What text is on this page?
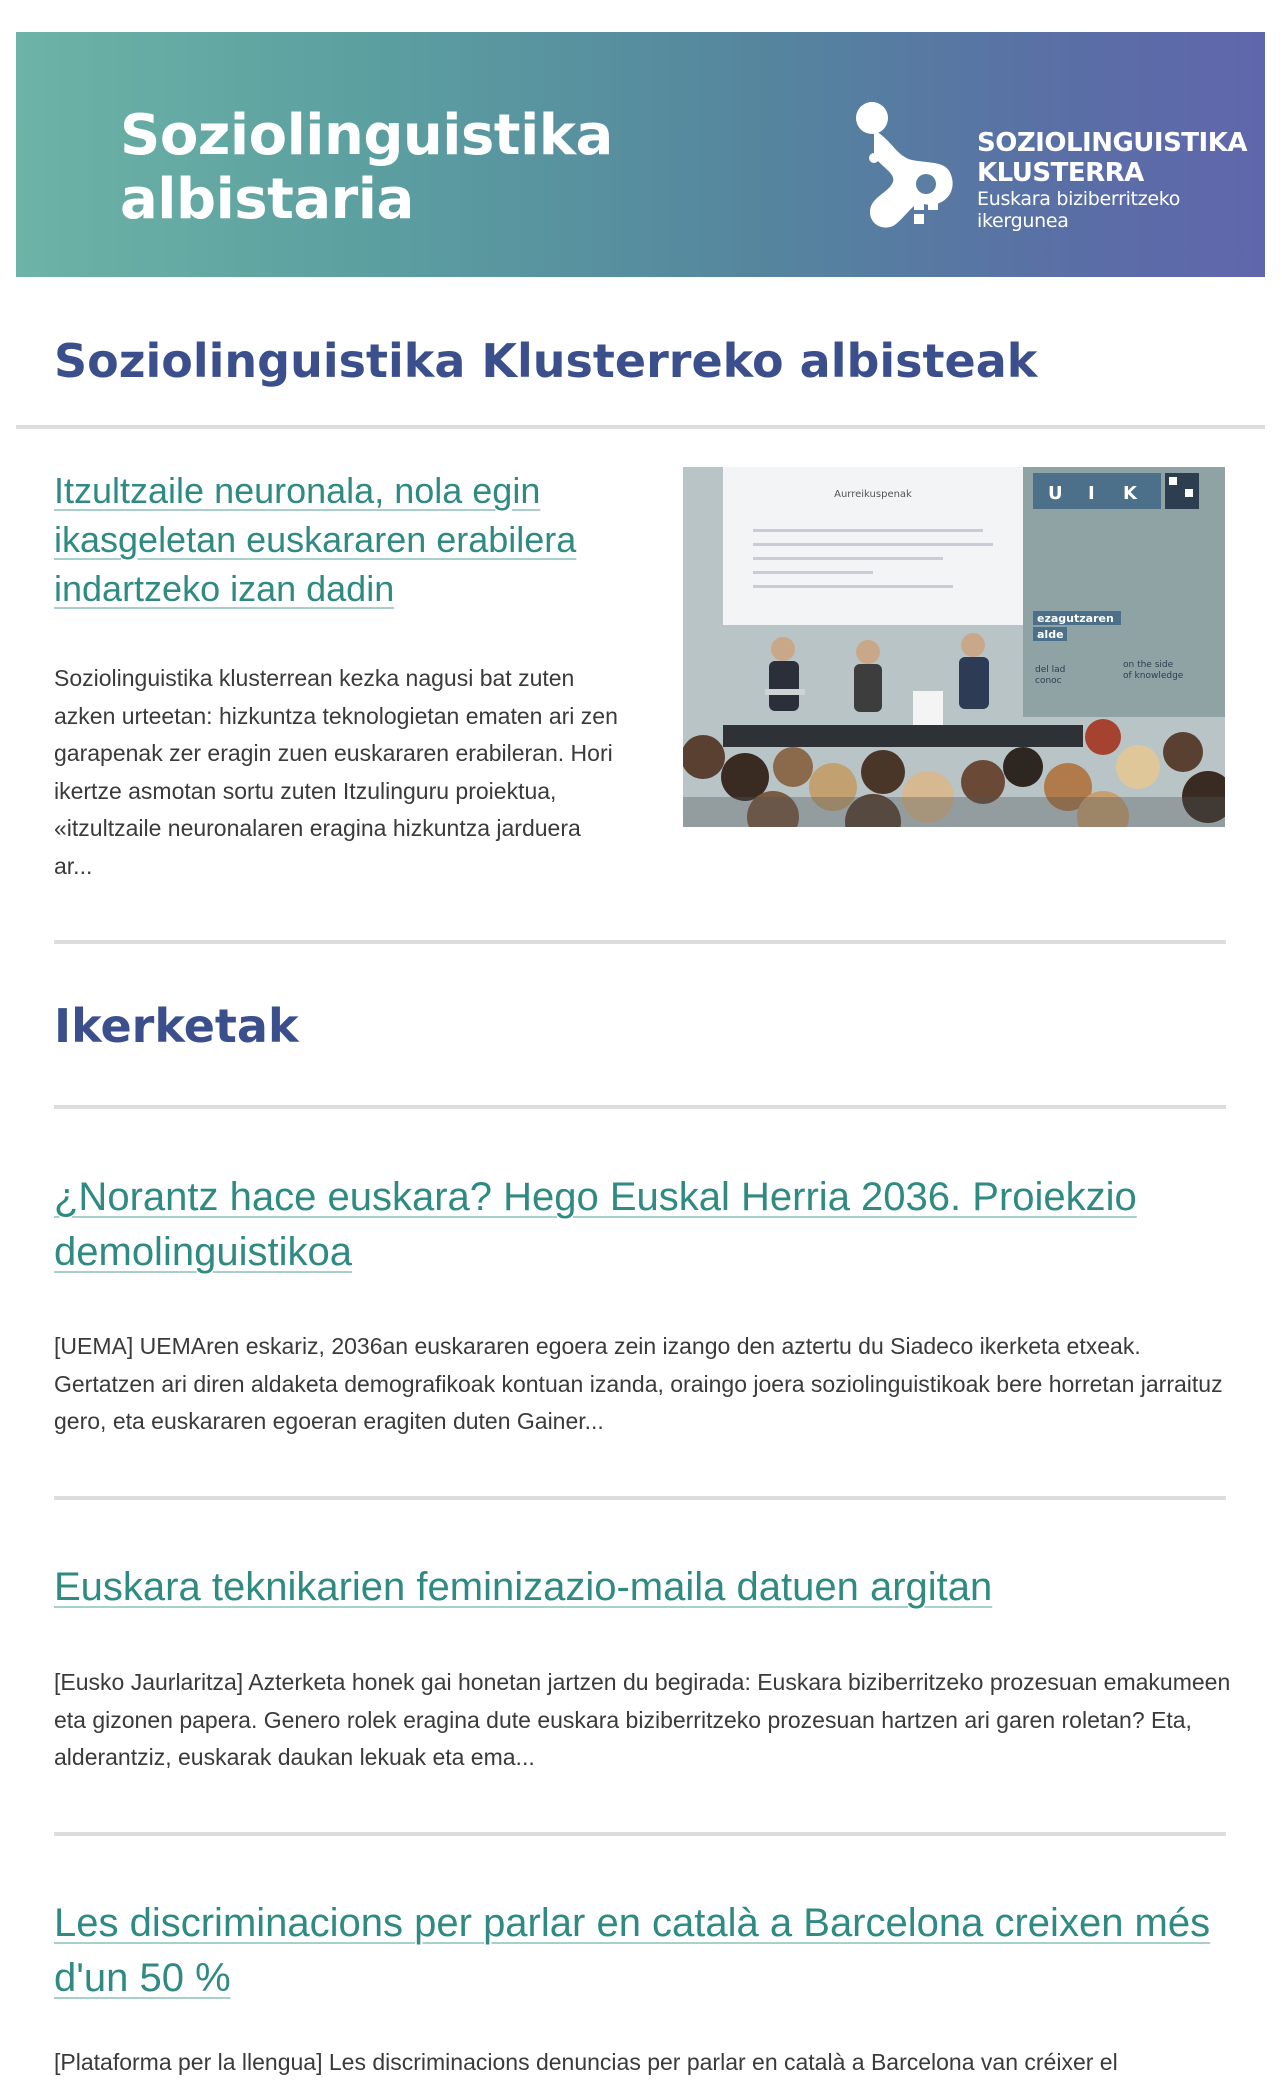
Soziolinguistika
albistaria
SOZIOLINGUISTIKA
KLUSTERRA
Euskara biziberritzeko
ikergunea
Soziolinguistika Klusterreko albisteak
Itzultzaile neuronala, nola egin ikasgeletan euskararen erabilera indartzeko izan dadin

Soziolinguistika klusterrean kezka nagusi bat zuten azken urteetan: hizkuntza teknologietan ematen ari zen garapenak zer eragin zuen euskararen erabileran. Hori ikertze asmotan sortu zuten Itzulinguru proiektua, «itzultzaile neuronalaren eragina hizkuntza jarduera ar...

Aurreikuspenak	U I K
ezagutzaren
alde
del lad
conoc
on the side
of knowledge
Ikerketak
¿Norantz hace euskara? Hego Euskal Herria 2036. Proiekzio demolinguistikoa

[UEMA] UEMAren eskariz, 2036an euskararen egoera zein izango den aztertu du Siadeco ikerketa etxeak. Gertatzen ari diren aldaketa demografikoak kontuan izanda, oraingo joera soziolinguistikoak bere horretan jarraituz gero, eta euskararen egoeran eragiten duten Gainer...

Euskara teknikarien feminizazio-maila datuen argitan

[Eusko Jaurlaritza] Azterketa honek gai honetan jartzen du begirada: Euskara biziberritzeko prozesuan emakumeen eta gizonen papera. Genero rolek eragina dute euskara biziberritzeko prozesuan hartzen ari garen roletan? Eta, alderantziz, euskarak daukan lekuak eta ema...

Les discriminacions per parlar en català a Barcelona creixen més d'un 50 %

[Plataforma per la llengua] Les discriminacions denuncias per parlar en català a Barcelona van créixer el
